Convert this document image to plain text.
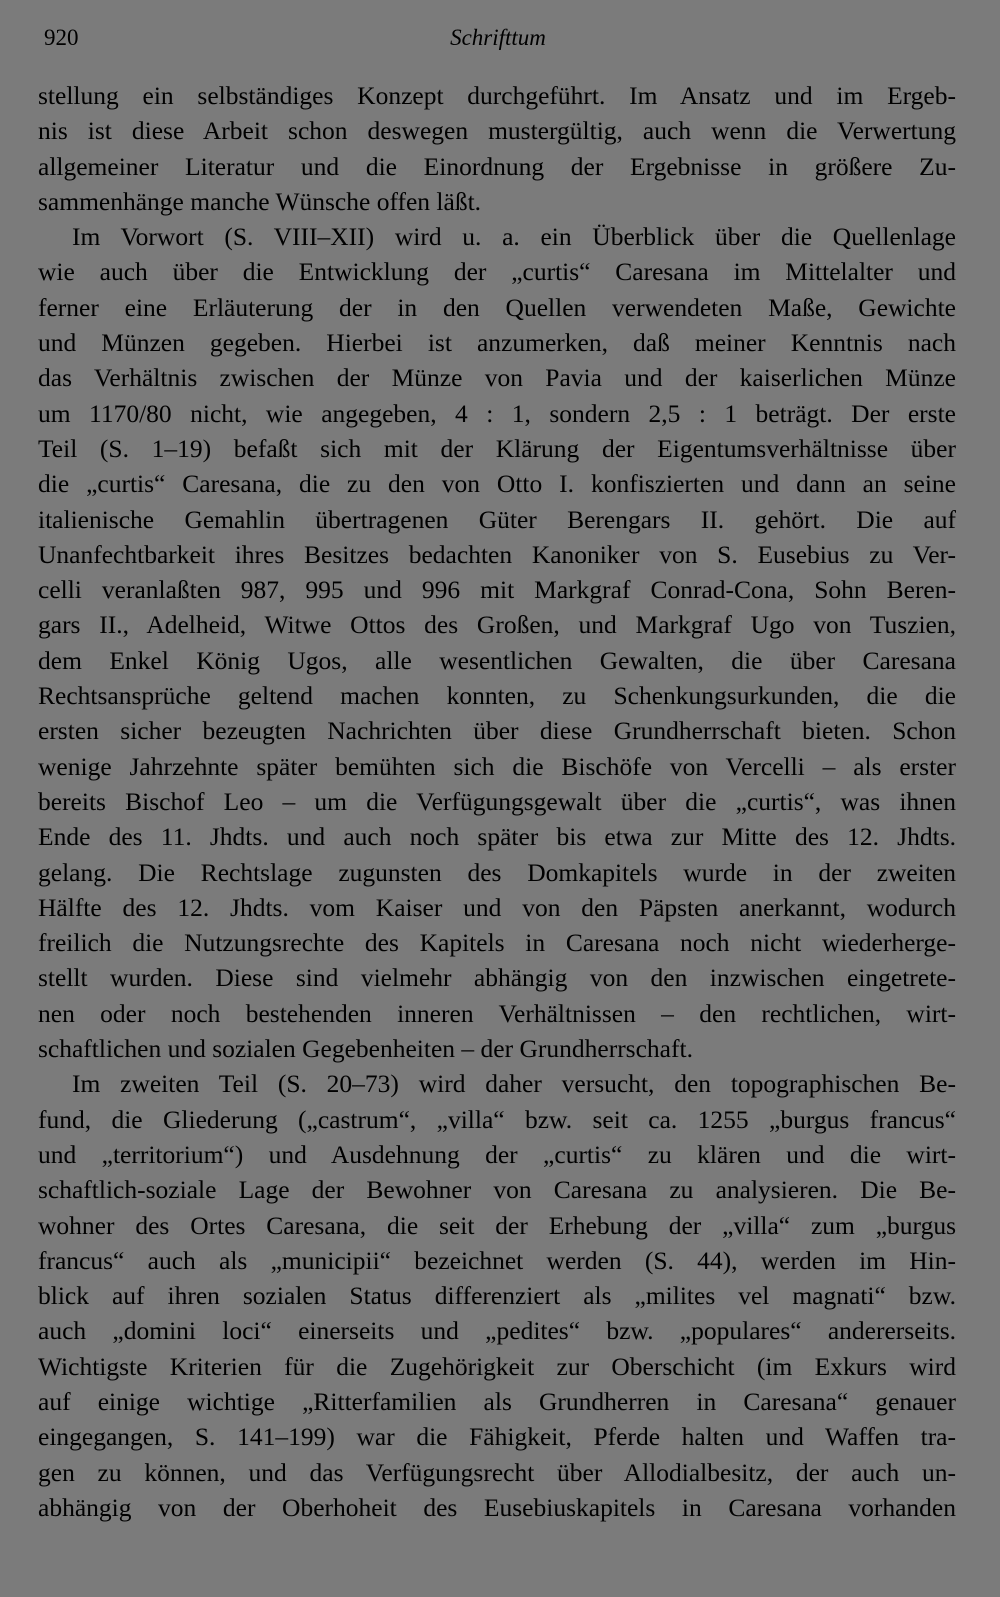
920	Schrifttum
stellung ein selbständiges Konzept durchgeführt. Im Ansatz und im Ergeb-
nis ist diese Arbeit schon deswegen mustergültig, auch wenn die Verwertung
allgemeiner Literatur und die Einordnung der Ergebnisse in größere Zu-
sammenhänge manche Wünsche offen läßt.
Im Vorwort (S. VIII–XII) wird u. a. ein Überblick über die Quellenlage
wie auch über die Entwicklung der „curtis“ Caresana im Mittelalter und
ferner eine Erläuterung der in den Quellen verwendeten Maße, Gewichte
und Münzen gegeben. Hierbei ist anzumerken, daß meiner Kenntnis nach
das Verhältnis zwischen der Münze von Pavia und der kaiserlichen Münze
um 1170/80 nicht, wie angegeben, 4 : 1, sondern 2,5 : 1 beträgt. Der erste
Teil (S. 1–19) befaßt sich mit der Klärung der Eigentumsverhältnisse über
die „curtis“ Caresana, die zu den von Otto I. konfiszierten und dann an seine
italienische Gemahlin übertragenen Güter Berengars II. gehört. Die auf
Unanfechtbarkeit ihres Besitzes bedachten Kanoniker von S. Eusebius zu Ver-
celli veranlaßten 987, 995 und 996 mit Markgraf Conrad-Cona, Sohn Beren-
gars II., Adelheid, Witwe Ottos des Großen, und Markgraf Ugo von Tuszien,
dem Enkel König Ugos, alle wesentlichen Gewalten, die über Caresana
Rechtsansprüche geltend machen konnten, zu Schenkungsurkunden, die die
ersten sicher bezeugten Nachrichten über diese Grundherrschaft bieten. Schon
wenige Jahrzehnte später bemühten sich die Bischöfe von Vercelli – als erster
bereits Bischof Leo – um die Verfügungsgewalt über die „curtis“, was ihnen
Ende des 11. Jhdts. und auch noch später bis etwa zur Mitte des 12. Jhdts.
gelang. Die Rechtslage zugunsten des Domkapitels wurde in der zweiten
Hälfte des 12. Jhdts. vom Kaiser und von den Päpsten anerkannt, wodurch
freilich die Nutzungsrechte des Kapitels in Caresana noch nicht wiederherge-
stellt wurden. Diese sind vielmehr abhängig von den inzwischen eingetrete-
nen oder noch bestehenden inneren Verhältnissen – den rechtlichen, wirt-
schaftlichen und sozialen Gegebenheiten – der Grundherrschaft.
Im zweiten Teil (S. 20–73) wird daher versucht, den topographischen Be-
fund, die Gliederung („castrum“, „villa“ bzw. seit ca. 1255 „burgus francus“
und „territorium“) und Ausdehnung der „curtis“ zu klären und die wirt-
schaftlich-soziale Lage der Bewohner von Caresana zu analysieren. Die Be-
wohner des Ortes Caresana, die seit der Erhebung der „villa“ zum „burgus
francus“ auch als „municipii“ bezeichnet werden (S. 44), werden im Hin-
blick auf ihren sozialen Status differenziert als „milites vel magnati“ bzw.
auch „domini loci“ einerseits und „pedites“ bzw. „populares“ andererseits.
Wichtigste Kriterien für die Zugehörigkeit zur Oberschicht (im Exkurs wird
auf einige wichtige „Ritterfamilien als Grundherren in Caresana“ genauer
eingegangen, S. 141–199) war die Fähigkeit, Pferde halten und Waffen tra-
gen zu können, und das Verfügungsrecht über Allodialbesitz, der auch un-
abhängig von der Oberhoheit des Eusebiuskapitels in Caresana vorhanden
